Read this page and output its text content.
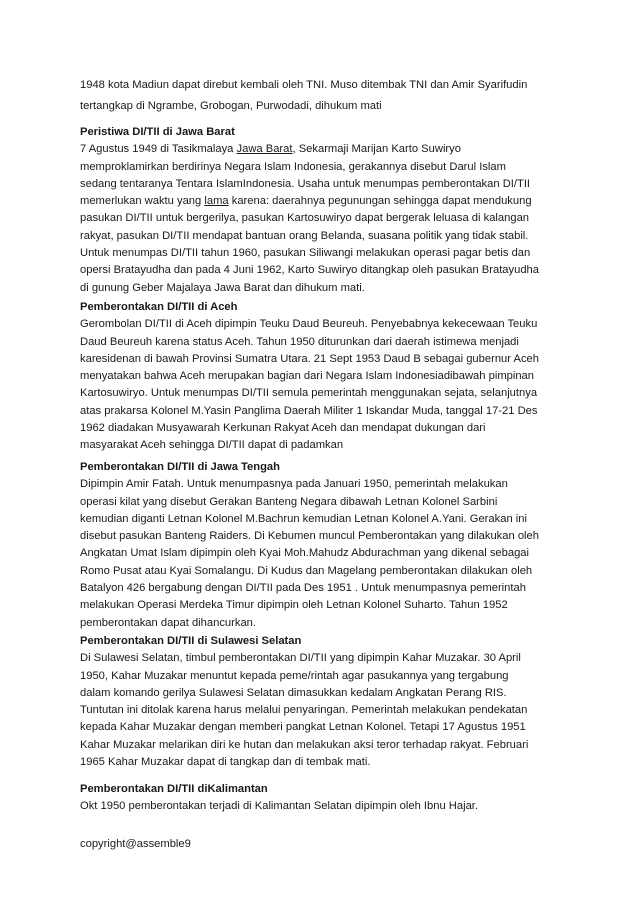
1948 kota Madiun dapat direbut kembali oleh TNI. Muso ditembak TNI dan Amir Syarifudin
tertangkap di Ngrambe, Grobogan, Purwodadi, dihukum mati
Peristiwa DI/TII di Jawa Barat
7 Agustus 1949 di Tasikmalaya Jawa Barat, Sekarmaji Marijan Karto Suwiryo
memproklamirkan berdirinya Negara Islam Indonesia, gerakannya disebut Darul Islam
sedang tentaranya Tentara IslamIndonesia. Usaha untuk menumpas pemberontakan DI/TII
memerlukan waktu yang lama karena: daerahnya pegunungan sehingga dapat mendukung
pasukan DI/TII untuk bergerilya, pasukan Kartosuwiryo dapat bergerak leluasa di kalangan
rakyat, pasukan DI/TII mendapat bantuan orang Belanda, suasana politik yang tidak stabil.
Untuk menumpas DI/TII tahun 1960, pasukan Siliwangi melakukan operasi pagar betis dan
opersi Bratayudha dan pada 4 Juni 1962, Karto Suwiryo ditangkap oleh pasukan Bratayudha
di gunung Geber Majalaya Jawa Barat dan dihukum mati.
Pemberontakan DI/TII di Aceh
Gerombolan DI/TII di Aceh dipimpin Teuku Daud Beureuh. Penyebabnya kekecewaan Teuku
Daud Beureuh karena status Aceh. Tahun 1950 diturunkan dari daerah istimewa menjadi
karesidenan di bawah Provinsi Sumatra Utara. 21 Sept 1953 Daud B sebagai gubernur Aceh
menyatakan bahwa Aceh merupakan bagian dari Negara Islam Indonesiadibawah pimpinan
Kartosuwiryo. Untuk menumpas DI/TII semula pemerintah menggunakan sejata, selanjutnya
atas prakarsa Kolonel M.Yasin Panglima Daerah Militer 1 Iskandar Muda, tanggal 17-21 Des
1962 diadakan Musyawarah Kerkunan Rakyat Aceh dan mendapat dukungan dari
masyarakat Aceh sehingga DI/TII dapat di padamkan
Pemberontakan DI/TII di Jawa Tengah
Dipimpin Amir Fatah. Untuk menumpasnya pada Januari 1950, pemerintah melakukan
operasi kilat yang disebut Gerakan Banteng Negara dibawah Letnan Kolonel Sarbini
kemudian diganti Letnan Kolonel M.Bachrun kemudian Letnan Kolonel A.Yani. Gerakan ini
disebut pasukan Banteng Raiders. Di Kebumen muncul Pemberontakan yang dilakukan oleh
Angkatan Umat Islam dipimpin oleh Kyai Moh.Mahudz Abdurachman yang dikenal sebagai
Romo Pusat atau Kyai Somalangu. Di Kudus dan Magelang pemberontakan dilakukan oleh
Batalyon 426 bergabung dengan DI/TII pada Des 1951 . Untuk menumpasnya pemerintah
melakukan Operasi Merdeka Timur dipimpin oleh Letnan Kolonel Suharto. Tahun 1952
pemberontakan dapat dihancurkan.
Pemberontakan DI/TII di Sulawesi Selatan
Di Sulawesi Selatan, timbul pemberontakan DI/TII yang dipimpin Kahar Muzakar. 30 April
1950, Kahar Muzakar menuntut kepada peme/rintah agar pasukannya yang tergabung
dalam komando gerilya Sulawesi Selatan dimasukkan kedalam Angkatan Perang RIS.
Tuntutan ini ditolak karena harus melalui penyaringan. Pemerintah melakukan pendekatan
kepada Kahar Muzakar dengan memberi pangkat Letnan Kolonel. Tetapi 17 Agustus 1951
Kahar Muzakar melarikan diri ke hutan dan melakukan aksi teror terhadap rakyat. Februari
1965 Kahar Muzakar dapat di tangkap dan di tembak mati.
Pemberontakan DI/TII diKalimantan
Okt 1950 pemberontakan terjadi di Kalimantan Selatan dipimpin oleh Ibnu Hajar.
copyright@assemble9
